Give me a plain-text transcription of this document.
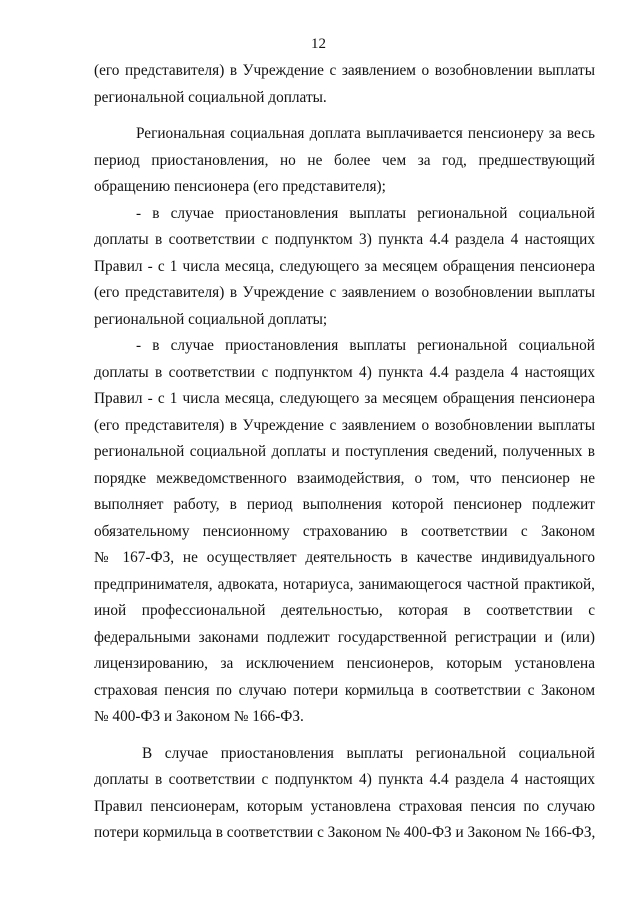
12
(его представителя) в Учреждение с заявлением о возобновлении выплаты
региональной социальной доплаты.
Региональная социальная доплата выплачивается пенсионеру за весь
период приостановления, но не более чем за год, предшествующий
обращению пенсионера (его представителя);
- в случае приостановления выплаты региональной социальной
доплаты в соответствии с подпунктом 3) пункта 4.4 раздела 4 настоящих
Правил - с 1 числа месяца, следующего за месяцем обращения пенсионера
(его представителя) в Учреждение с заявлением о возобновлении выплаты
региональной социальной доплаты;
- в случае приостановления выплаты региональной социальной
доплаты в соответствии с подпунктом 4) пункта 4.4 раздела 4 настоящих
Правил - с 1 числа месяца, следующего за месяцем обращения пенсионера
(его представителя) в Учреждение с заявлением о возобновлении выплаты
региональной социальной доплаты и поступления сведений, полученных в
порядке межведомственного взаимодействия, о том, что пенсионер не
выполняет работу, в период выполнения которой пенсионер подлежит
обязательному пенсионному страхованию в соответствии с Законом
№ 167-ФЗ, не осуществляет деятельность в качестве индивидуального
предпринимателя, адвоката, нотариуса, занимающегося частной практикой,
иной профессиональной деятельностью, которая в соответствии с
федеральными законами подлежит государственной регистрации и (или)
лицензированию, за исключением пенсионеров, которым установлена
страховая пенсия по случаю потери кормильца в соответствии с Законом
№ 400-ФЗ и Законом № 166-ФЗ.
В случае приостановления выплаты региональной социальной
доплаты в соответствии с подпунктом 4) пункта 4.4 раздела 4 настоящих
Правил пенсионерам, которым установлена страховая пенсия по случаю
потери кормильца в соответствии с Законом № 400-ФЗ и Законом № 166-ФЗ,
